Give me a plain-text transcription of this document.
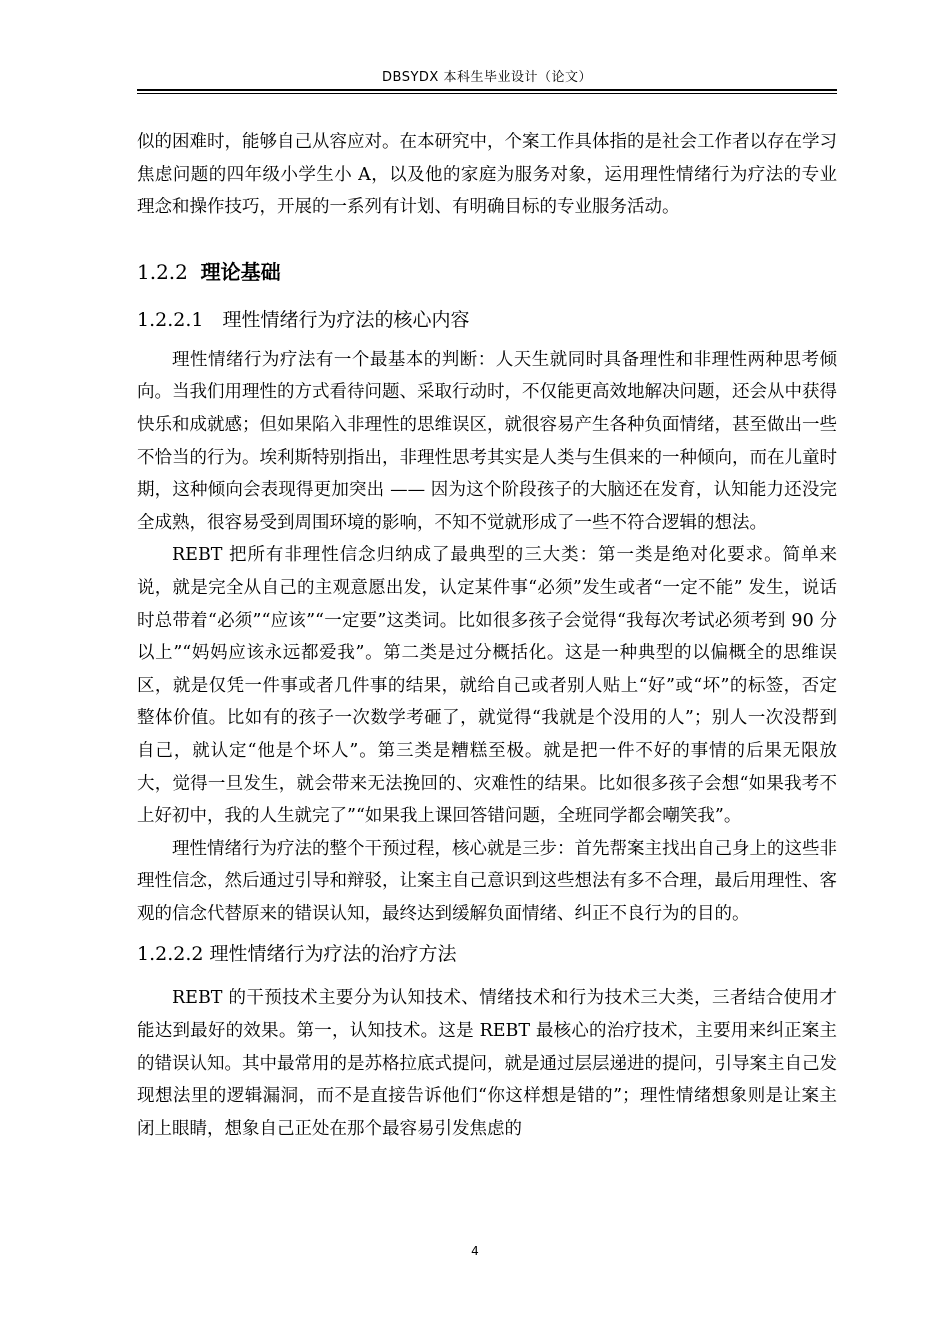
DBSYDX 本科生毕业设计（论文）

似的困难时，能够自己从容应对。在本研究中，个案工作具体指的是社会工作者以存在学习焦虑问题的四年级小学生小 A，以及他的家庭为服务对象，运用理性情绪行为疗法的专业理念和操作技巧，开展的一系列有计划、有明确目标的专业服务活动。

1.2.2 理论基础
1.2.2.1　理性情绪行为疗法的核心内容

理性情绪行为疗法有一个最基本的判断：人天生就同时具备理性和非理性两种思考倾向。当我们用理性的方式看待问题、采取行动时，不仅能更高效地解决问题，还会从中获得快乐和成就感；但如果陷入非理性的思维误区，就很容易产生各种负面情绪，甚至做出一些不恰当的行为。埃利斯特别指出，非理性思考其实是人类与生俱来的一种倾向，而在儿童时期，这种倾向会表现得更加突出 —— 因为这个阶段孩子的大脑还在发育，认知能力还没完全成熟，很容易受到周围环境的影响，不知不觉就形成了一些不符合逻辑的想法。

REBT 把所有非理性信念归纳成了最典型的三大类：第一类是绝对化要求。简单来说，就是完全从自己的主观意愿出发，认定某件事“必须”发生或者“一定不能” 发生，说话时总带着“必须”“应该”“一定要”这类词。比如很多孩子会觉得“我每次考试必须考到 90 分以上”“妈妈应该永远都爱我”。第二类是过分概括化。这是一种典型的以偏概全的思维误区，就是仅凭一件事或者几件事的结果，就给自己或者别人贴上“好”或“坏”的标签，否定整体价值。比如有的孩子一次数学考砸了，就觉得“我就是个没用的人”；别人一次没帮到自己，就认定“他是个坏人”。第三类是糟糕至极。就是把一件不好的事情的后果无限放大，觉得一旦发生，就会带来无法挽回的、灾难性的结果。比如很多孩子会想“如果我考不上好初中，我的人生就完了”“如果我上课回答错问题，全班同学都会嘲笑我”。

理性情绪行为疗法的整个干预过程，核心就是三步：首先帮案主找出自己身上的这些非理性信念，然后通过引导和辩驳，让案主自己意识到这些想法有多不合理，最后用理性、客观的信念代替原来的错误认知，最终达到缓解负面情绪、纠正不良行为的目的。

1.2.2.2 理性情绪行为疗法的治疗方法

REBT 的干预技术主要分为认知技术、情绪技术和行为技术三大类，三者结合使用才能达到最好的效果。第一，认知技术。这是 REBT 最核心的治疗技术，主要用来纠正案主的错误认知。其中最常用的是苏格拉底式提问，就是通过层层递进的提问，引导案主自己发现想法里的逻辑漏洞，而不是直接告诉他们“你这样想是错的”；理性情绪想象则是让案主闭上眼睛，想象自己正处在那个最容易引发焦虑的

4
